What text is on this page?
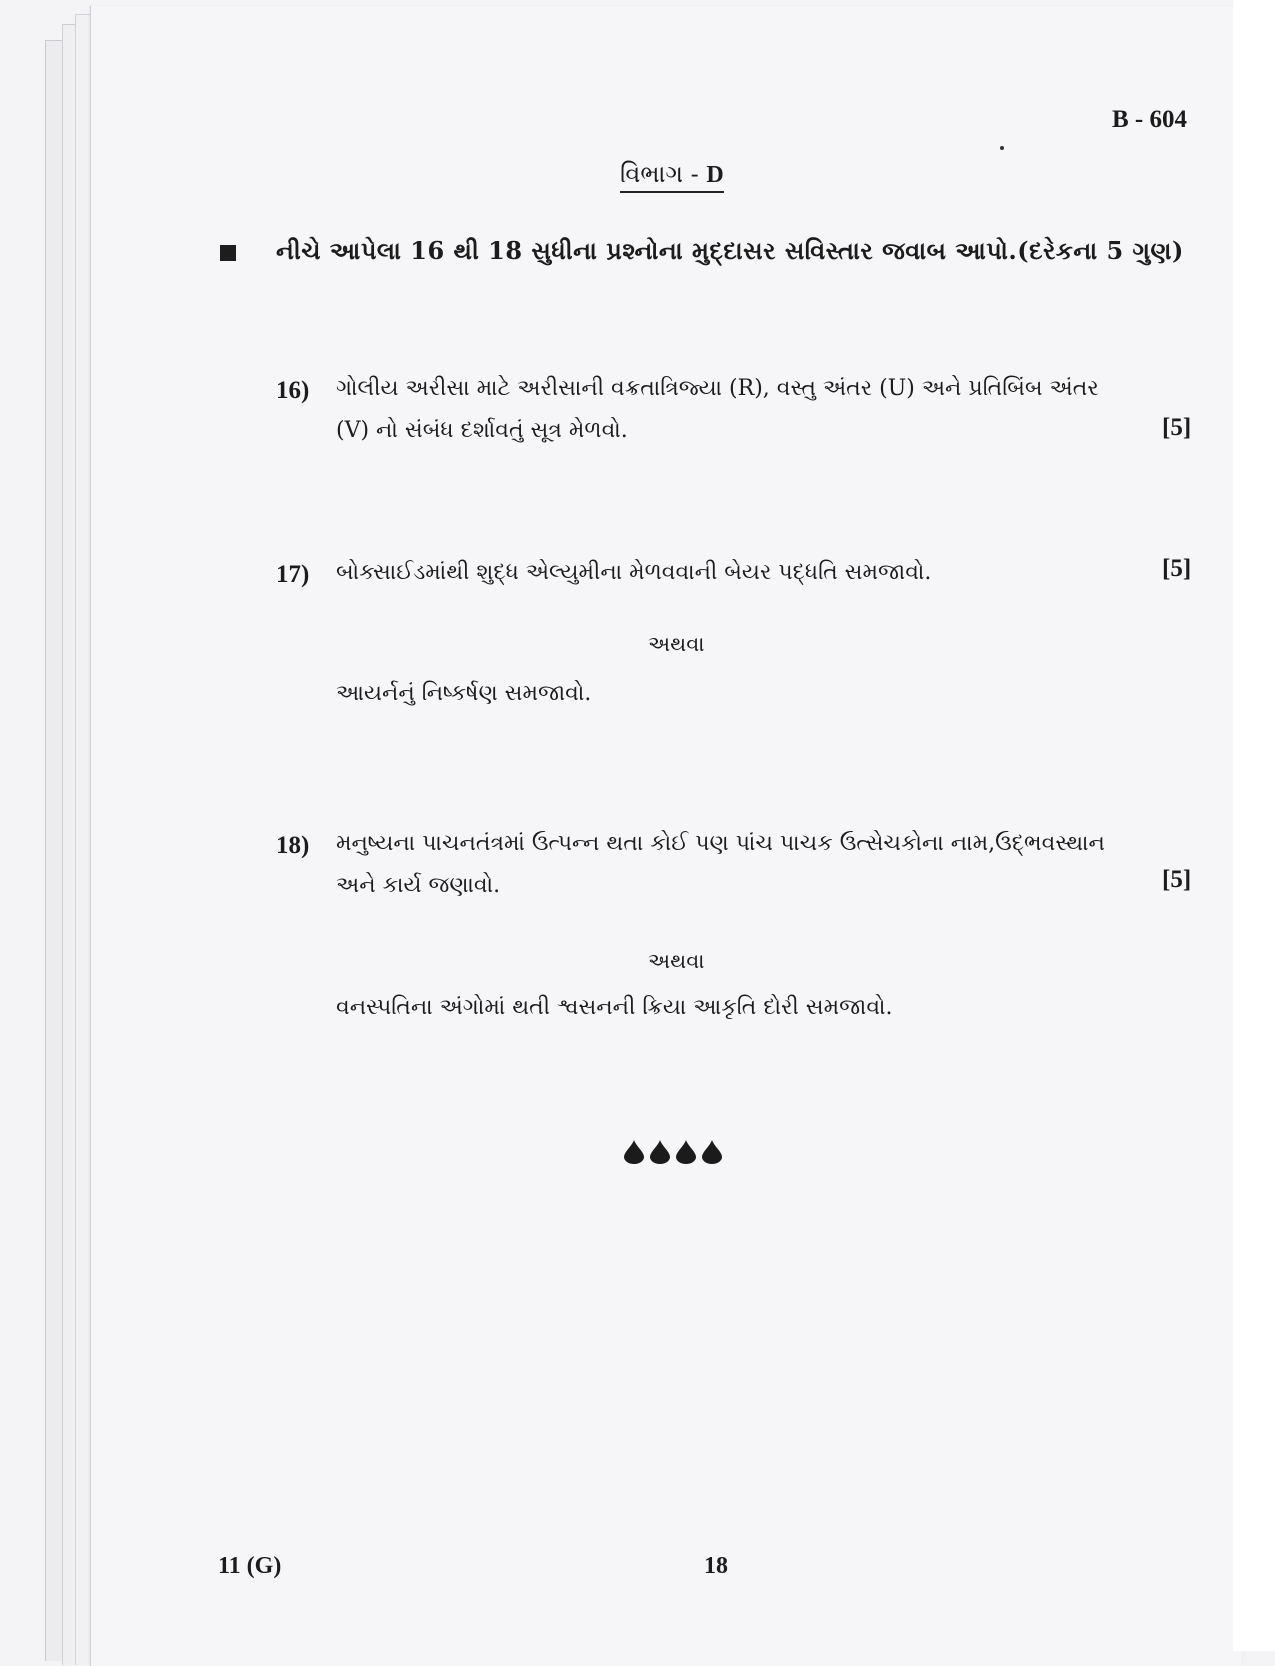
B - 604
વિભાગ - D
નીચે આપેલા 16 થી 18 સુધીના પ્રશ્નોના મુદ્દાસર સવિસ્તાર જવાબ આપો.(દરેકના 5 ગુણ)
16) ગોલીય અરીસા માટે અરીસાની વક્રતાત્રિજ્યા (R), વસ્તુ અંતર (U) અને પ્રતિબિંબ અંતર (V) નો સંબંધ દર્શાવતું સૂત્ર મેળવો.	[5]
17) બોક્સાઈડમાંથી શુદ્ધ એલ્યુમીના મેળવવાની બેયર પદ્ધતિ સમજાવો.	[5]
અથવા
આયર્નનું નિષ્કર્ષણ સમજાવો.
18) મનુષ્યના પાચનતંત્રમાં ઉત્પન્ન થતા કોઈ પણ પાંચ પાચક ઉત્સેચકોના નામ,ઉદ્ભવસ્થાન અને કાર્ય જણાવો.	[5]
અથવા
વનસ્પતિના અંગોમાં થતી શ્વસનની ક્રિયા આકૃતિ દોરી સમજાવો.
11 (G)	18
